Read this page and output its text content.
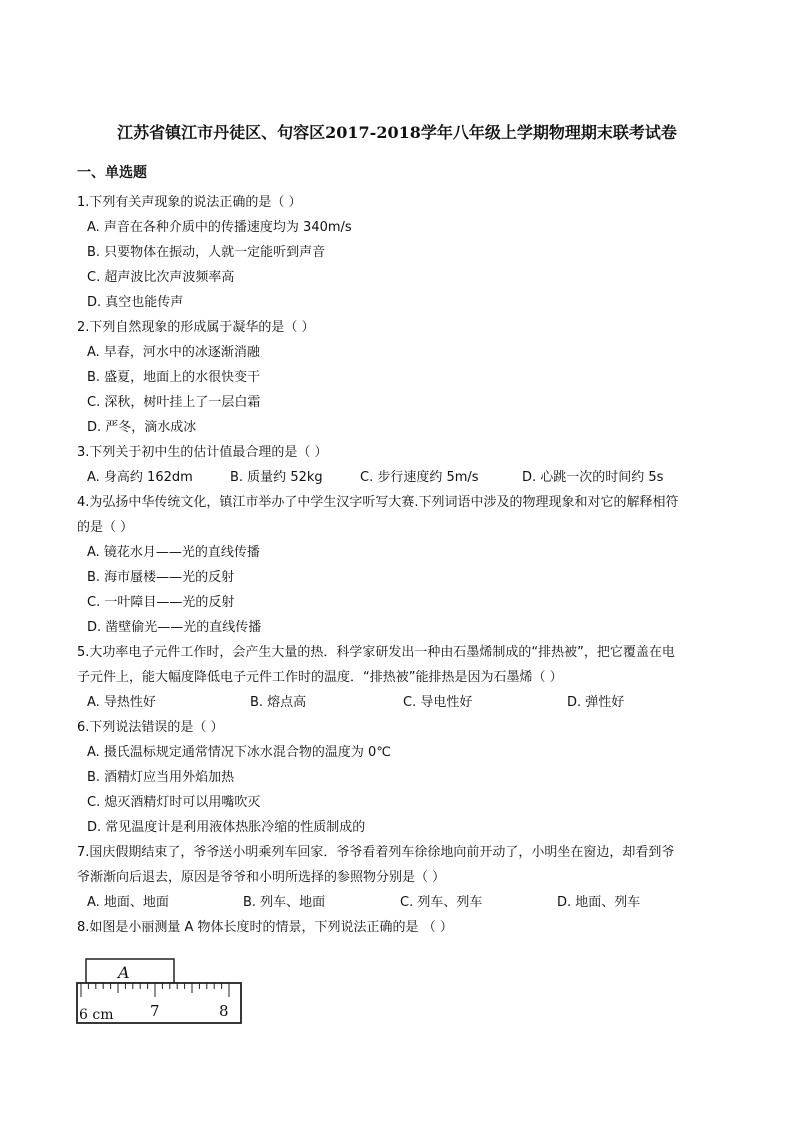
江苏省镇江市丹徒区、句容区2017-2018学年八年级上学期物理期末联考试卷
一、单选题
1.下列有关声现象的说法正确的是（ ）
A. 声音在各种介质中的传播速度均为 340m/s
B. 只要物体在振动，人就一定能听到声音
C. 超声波比次声波频率高
D. 真空也能传声
2.下列自然现象的形成属于凝华的是（ ）
A. 早春，河水中的冰逐渐消融
B. 盛夏，地面上的水很快变干
C. 深秋，树叶挂上了一层白霜
D. 严冬，滴水成冰
3.下列关于初中生的估计值最合理的是（ ）
A. 身高约 162dm	B. 质量约 52kg	C. 步行速度约 5m/s	D. 心跳一次的时间约 5s
4.为弘扬中华传统文化，镇江市举办了中学生汉字听写大赛.下列词语中涉及的物理现象和对它的解释相符
的是（ ）
A. 镜花水月——光的直线传播
B. 海市蜃楼——光的反射
C. 一叶障目——光的反射
D. 凿壁偷光——光的直线传播
5.大功率电子元件工作时，会产生大量的热．科学家研发出一种由石墨烯制成的“排热被”，把它覆盖在电
子元件上，能大幅度降低电子元件工作时的温度．“排热被”能排热是因为石墨烯（ ）
A. 导热性好	B. 熔点高	C. 导电性好	D. 弹性好
6.下列说法错误的是（ ）
A. 摄氏温标规定通常情况下冰水混合物的温度为 0℃
B. 酒精灯应当用外焰加热
C. 熄灭酒精灯时可以用嘴吹灭
D. 常见温度计是利用液体热胀冷缩的性质制成的
7.国庆假期结束了，爷爷送小明乘列车回家．爷爷看着列车徐徐地向前开动了，小明坐在窗边，却看到爷
爷渐渐向后退去，原因是爷爷和小明所选择的参照物分别是（ ）
A. 地面、地面	B. 列车、地面	C. 列车、列车	D. 地面、列车
8.如图是小丽测量 A 物体长度时的情景，下列说法正确的是 （ ）
A
6 cm 7	8
